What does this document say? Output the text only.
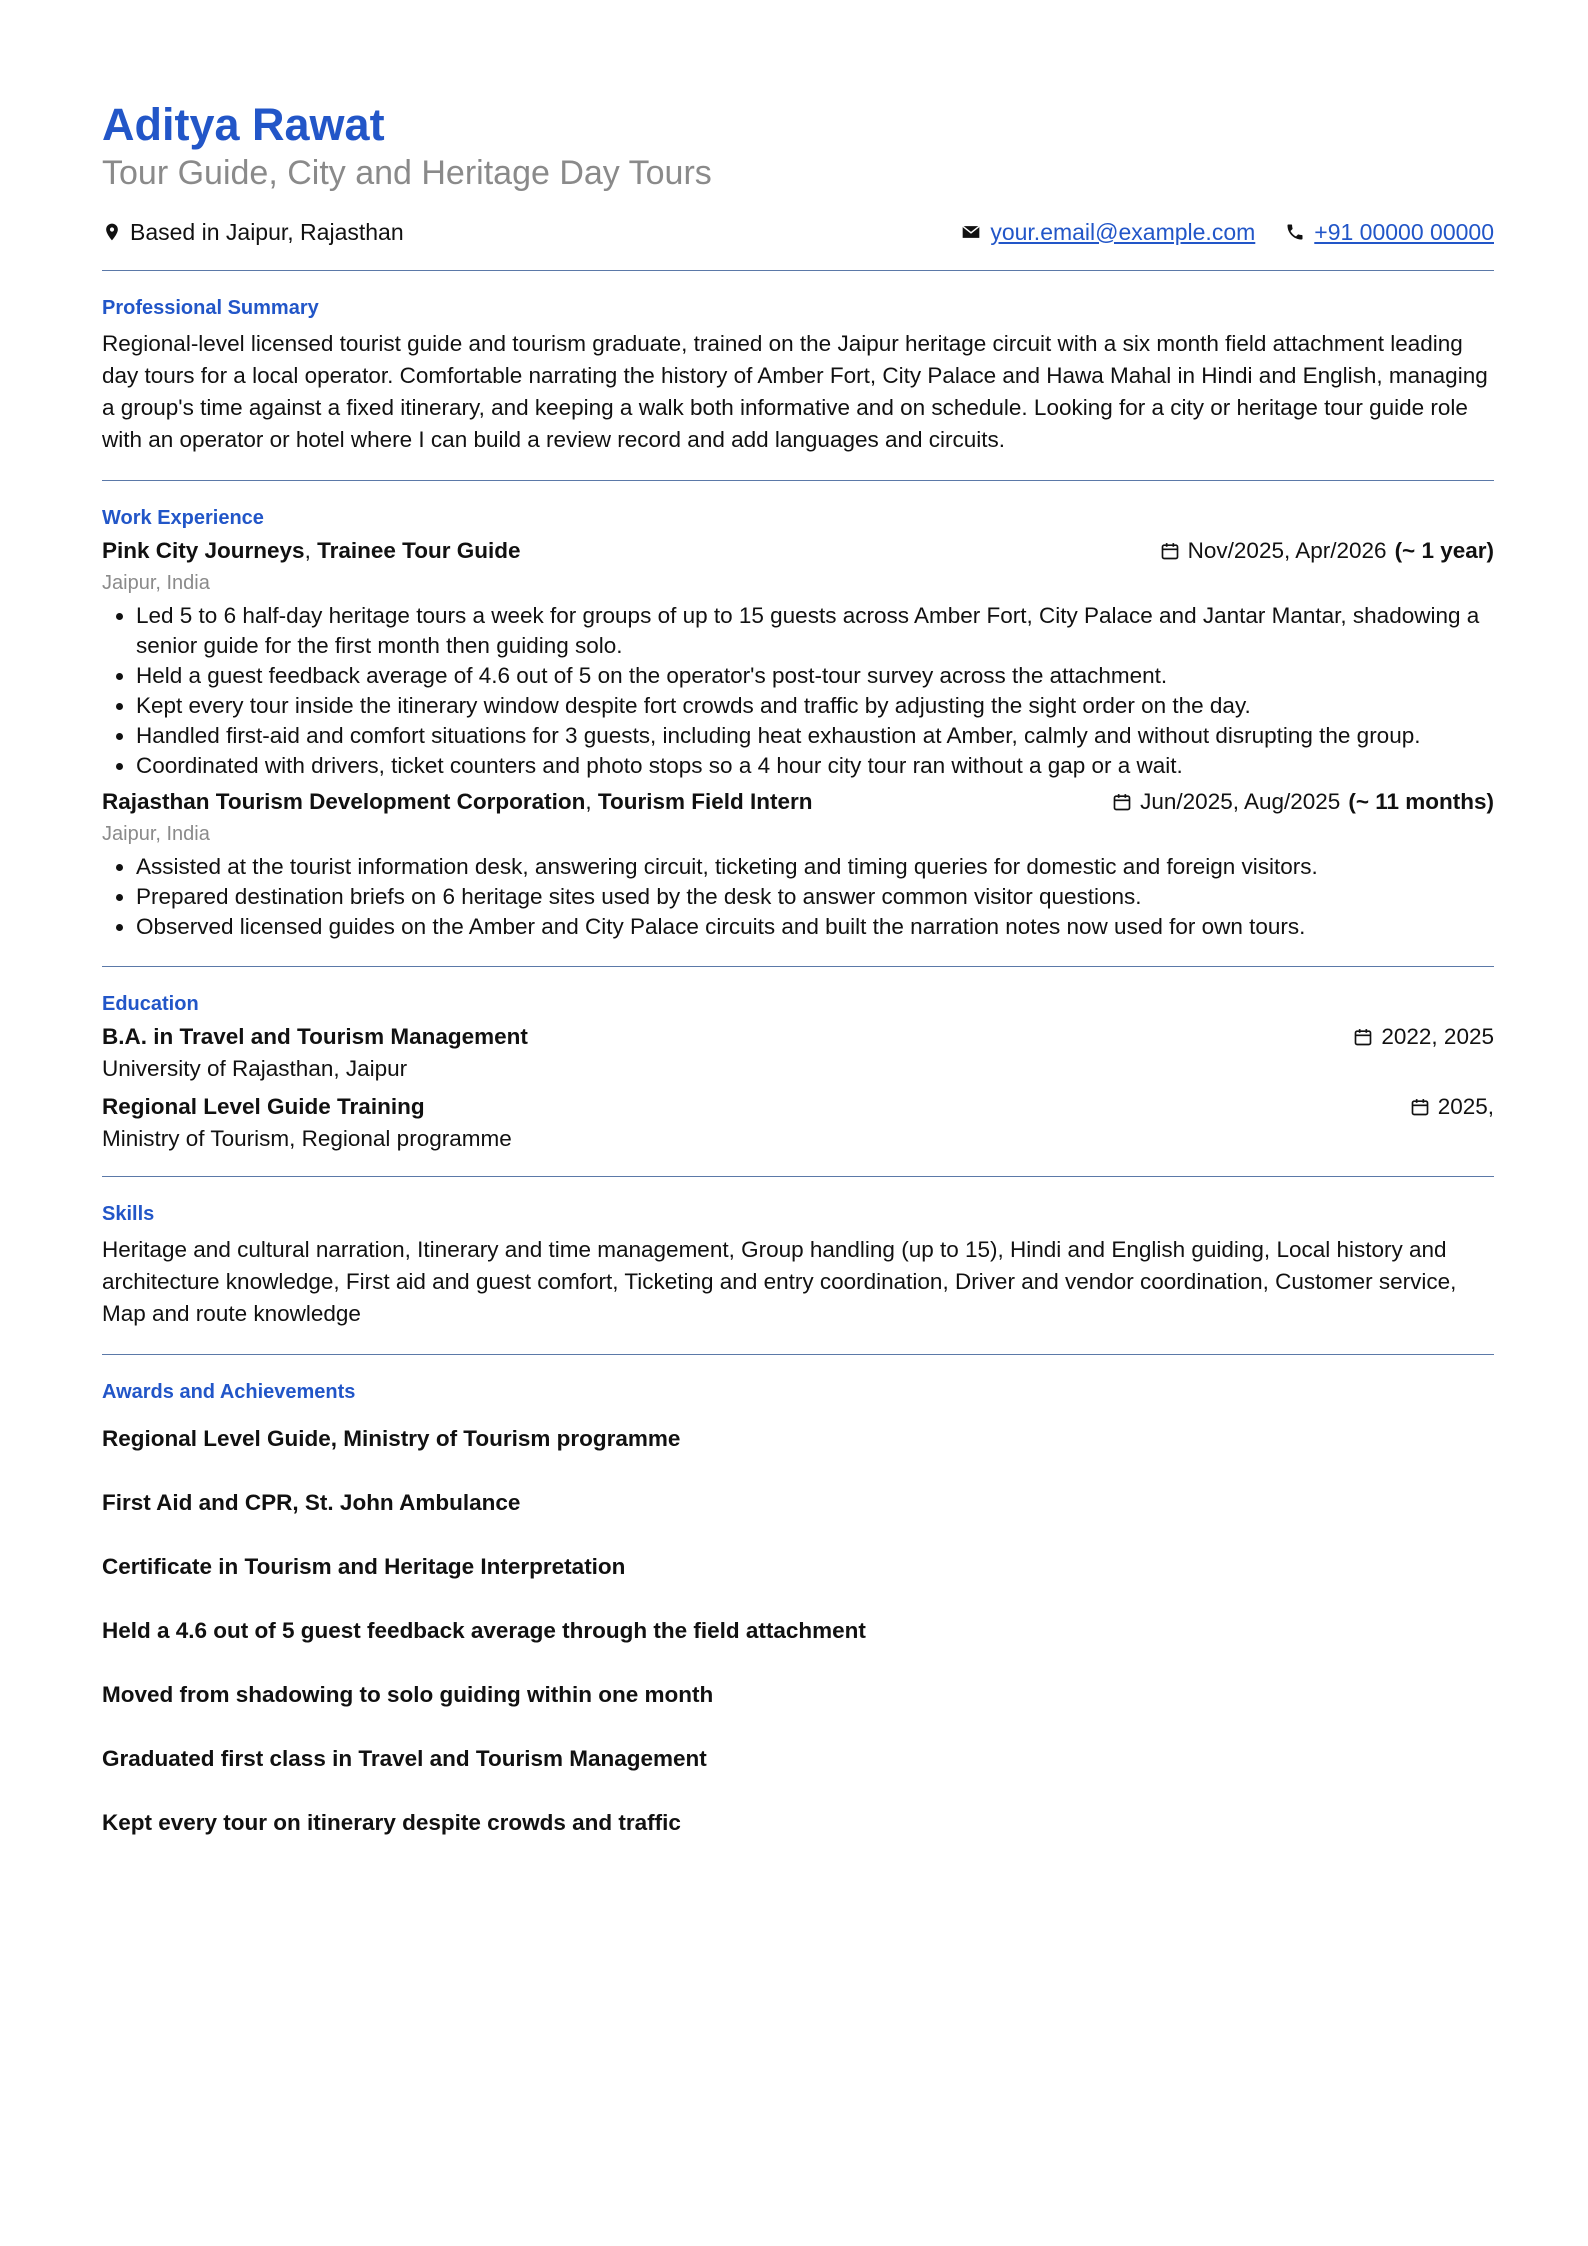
Aditya Rawat
Tour Guide, City and Heritage Day Tours
Based in Jaipur, Rajasthan	your.email@example.com	+91 00000 00000
Professional Summary

Regional-level licensed tourist guide and tourism graduate, trained on the Jaipur heritage circuit with a six month field attachment leading day tours for a local operator. Comfortable narrating the history of Amber Fort, City Palace and Hawa Mahal in Hindi and English, managing a group's time against a fixed itinerary, and keeping a walk both informative and on schedule. Looking for a city or heritage tour guide role with an operator or hotel where I can build a review record and add languages and circuits.

Work Experience
Pink City Journeys, Trainee Tour Guide	Nov/2025, Apr/2026 (~ 1 year)
Jaipur, India
• Led 5 to 6 half-day heritage tours a week for groups of up to 15 guests across Amber Fort, City Palace and Jantar Mantar, shadowing a senior guide for the first month then guiding solo.
• Held a guest feedback average of 4.6 out of 5 on the operator's post-tour survey across the attachment.
• Kept every tour inside the itinerary window despite fort crowds and traffic by adjusting the sight order on the day.
• Handled first-aid and comfort situations for 3 guests, including heat exhaustion at Amber, calmly and without disrupting the group.
• Coordinated with drivers, ticket counters and photo stops so a 4 hour city tour ran without a gap or a wait.
Rajasthan Tourism Development Corporation, Tourism Field Intern	Jun/2025, Aug/2025 (~ 11 months)
Jaipur, India
• Assisted at the tourist information desk, answering circuit, ticketing and timing queries for domestic and foreign visitors.
• Prepared destination briefs on 6 heritage sites used by the desk to answer common visitor questions.
• Observed licensed guides on the Amber and City Palace circuits and built the narration notes now used for own tours.
Education
B.A. in Travel and Tourism Management	2022, 2025
University of Rajasthan, Jaipur
Regional Level Guide Training	2025,
Ministry of Tourism, Regional programme
Skills

Heritage and cultural narration, Itinerary and time management, Group handling (up to 15), Hindi and English guiding, Local history and architecture knowledge, First aid and guest comfort, Ticketing and entry coordination, Driver and vendor coordination, Customer service, Map and route knowledge

Awards and Achievements

Regional Level Guide, Ministry of Tourism programme

First Aid and CPR, St. John Ambulance

Certificate in Tourism and Heritage Interpretation

Held a 4.6 out of 5 guest feedback average through the field attachment

Moved from shadowing to solo guiding within one month

Graduated first class in Travel and Tourism Management

Kept every tour on itinerary despite crowds and traffic
